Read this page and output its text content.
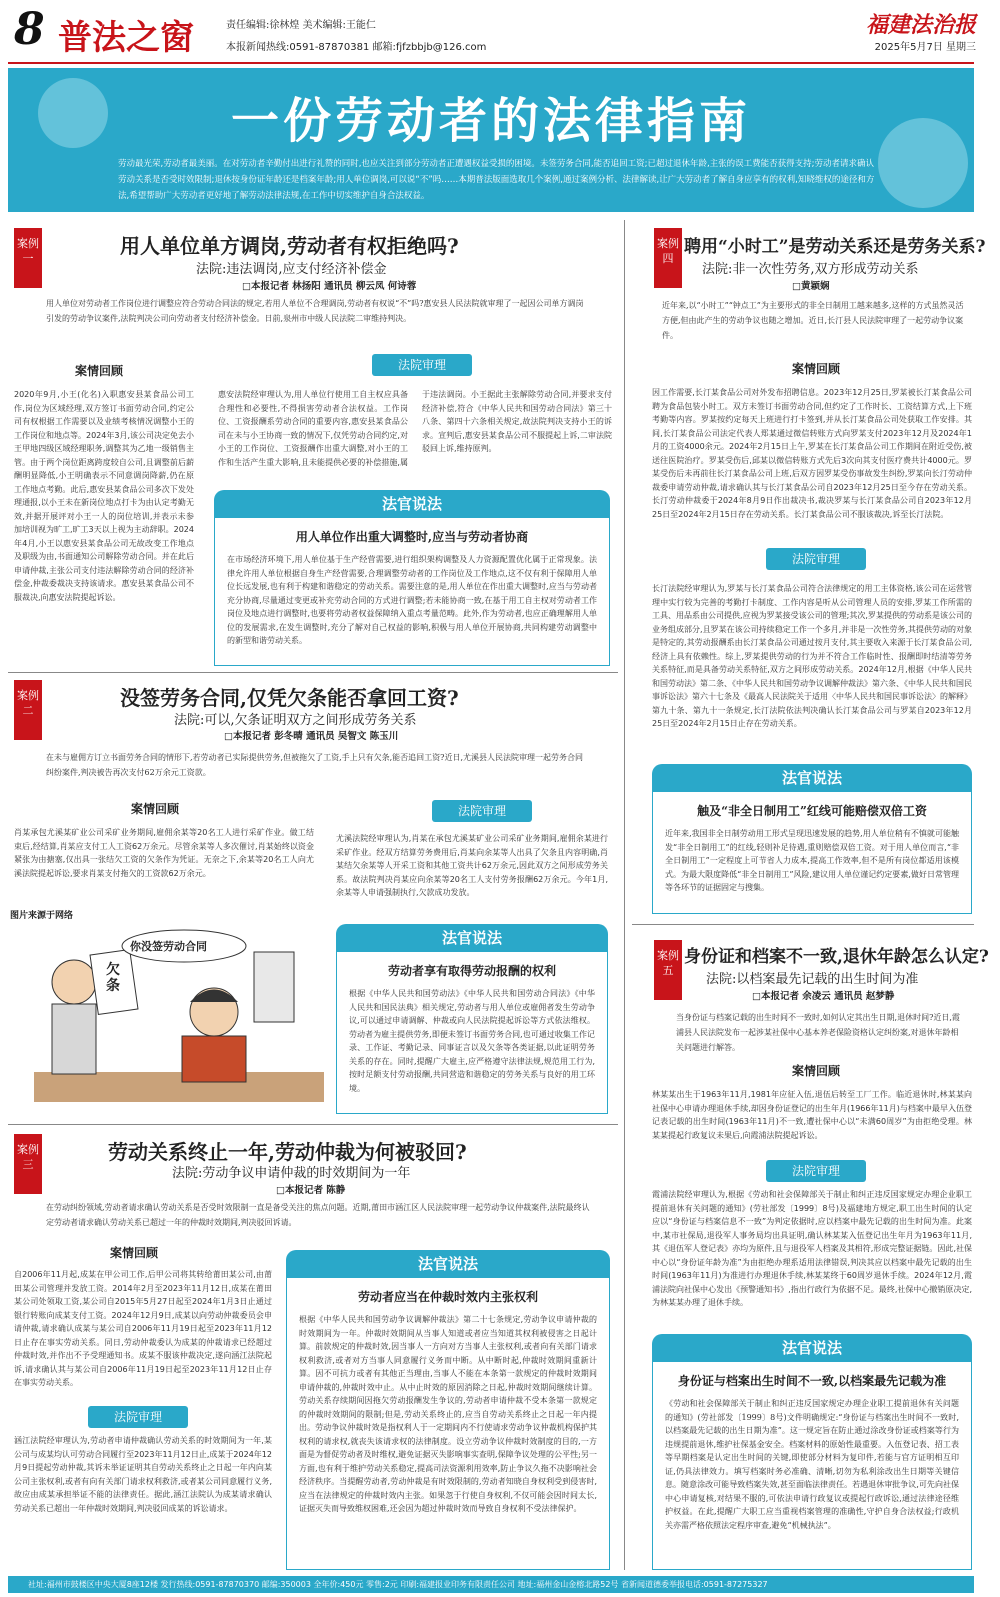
8 普法之窗	责任编辑:徐林煌 美术编辑:王能仁
本报新闻热线:0591-87870381 邮箱:fjfzbbjb@126.com
福建法治报
2025年5月7日 星期三
一份劳动者的法律指南
劳动最光荣,劳动者最美丽。在对劳动者辛勤付出进行礼赞的同时,也应关注到部分劳动者正遭遇权益受损的困境。未签劳务合同,能否追回工资;已超过退休年龄,主张的误工费能否获得支持;劳动者请求确认劳动关系是否受时效限制;退休按身份证年龄还是档案年龄;用人单位调岗,可以说“不”吗……本期普法版面选取几个案例,通过案例分析、法律解读,让广大劳动者了解自身应享有的权利,知晓维权的途径和方法,希望帮助广大劳动者更好地了解劳动法律法规,在工作中切实维护自身合法权益。
案例一
用人单位单方调岗,劳动者有权拒绝吗?
法院:违法调岗,应支付经济补偿金
□本报记者 林扬阳 通讯员 柳云凤 何诗蓉
用人单位对劳动者工作岗位进行调整应符合劳动合同法的规定,若用人单位不合理调岗,劳动者有权说“不”吗?惠安县人民法院就审理了一起因公司单方调岗引发的劳动争议案件,法院判决公司向劳动者支付经济补偿金。日前,泉州市中级人民法院二审维持判决。
案情回顾
2020年9月,小王(化名)入职惠安县某食品公司工作,岗位为区域经理,双方签订书面劳动合同,约定公司有权根据工作需要以及业绩考核情况调整小王的工作岗位和地点等。2024年3月,该公司决定免去小王甲地四级区域经理职务,调整其为乙地一级销售主管。由于两个岗位距离跨度较自公司,且调整前后薪酬明显降低,小王明确表示不同意调岗降薪,仍在原工作地点考勤。此后,惠安县某食品公司多次下发处理通报,以小王未在新岗位地点打卡为由认定考勤无效,并据开展评对小王一人的岗位培训,并表示未参加培训视为旷工,旷工3天以上视为主动辞职。2024年4月,小王以惠安县某食品公司无故改变工作地点及职级为由,书面通知公司解除劳动合同。并在此后申请仲裁,主张公司支付违法解除劳动合同的经济补偿金,仲裁委裁决支持该请求。惠安县某食品公司不服裁决,向惠安法院提起诉讼。
法院审理
惠安法院经审理认为,用人单位行使用工自主权应具备合理性和必要性,不得损害劳动者合法权益。工作岗位、工资报酬系劳动合同的重要内容,惠安县某食品公司在未与小王协商一致的情况下,仅凭劳动合同约定,对小王的工作岗位、工资报酬作出重大调整,对小王的工作和生活产生重大影响,且未能提供必要的补偿措施,属于违法调岗。小王据此主张解除劳动合同,并要求支付经济补偿,符合《中华人民共和国劳动合同法》第三十八条、第四十六条相关规定,故法院判决支持小王的诉求。宣判后,惠安县某食品公司不服提起上诉,二审法院驳回上诉,维持原判。
法官说法
用人单位作出重大调整时,应当与劳动者协商
在市场经济环境下,用人单位基于生产经营需要,进行组织架构调整及人力资源配置优化属于正常现象。法律允许用人单位根据自身生产经营需要,合理调整劳动者的工作岗位及工作地点,这不仅有利于保障用人单位长远发展,也有利于构建和谐稳定的劳动关系。需要注意的是,用人单位在作出重大调整时,应当与劳动者充分协商,尽量通过变更或补充劳动合同的方式进行调整;若未能协商一致,在基于用工自主权对劳动者工作岗位及地点进行调整时,也要将劳动者权益保障纳入重点考量范畴。此外,作为劳动者,也应正确理解用人单位的发展需求,在发生调整时,充分了解对自己权益的影响,积极与用人单位开展协商,共同构建劳动调整中的新型和谐劳动关系。
案例二
没签劳务合同,仅凭欠条能否拿回工资?
法院:可以,欠条证明双方之间形成劳务关系
□本报记者 彭冬晴 通讯员 吴智文 陈玉川
在未与雇佣方订立书面劳务合同的情形下,若劳动者已实际提供劳务,但被拖欠了工资,手上只有欠条,能否追回工资?近日,尤溪县人民法院审理一起劳务合同纠纷案件,判决被告再次支付62万余元工资款。
案情回顾
肖某承包尤溪某矿业公司采矿业务期间,雇佣余某等20名工人进行采矿作业。做工结束后,经结算,肖某应支付工人工资62万余元。尽管余某等人多次催讨,肖某始终以资金紧张为由搪塞,仅出具一张结欠工资的欠条作为凭证。无奈之下,余某等20名工人向尤溪法院提起诉讼,要求肖某支付拖欠的工资款62万余元。
法院审理
尤溪法院经审理认为,肖某在承包尤溪某矿业公司采矿业务期间,雇佣余某进行采矿作业。经双方结算劳务费用后,肖某向余某等人出具了欠条且内容明确,肖某结欠余某等人开采工资和其他工资共计62万余元,因此双方之间形成劳务关系。故法院判决肖某应向余某等20名工人支付劳务报酬62万余元。今年1月,余某等人申请强制执行,欠款成功发放。
图片来源于网络
你没签劳动合同
欠条
法官说法
劳动者享有取得劳动报酬的权利
根据《中华人民共和国劳动法》《中华人民共和国劳动合同法》《中华人民共和国民法典》相关规定,劳动者与用人单位或雇佣者发生劳动争议,可以通过申请调解、仲裁或向人民法院提起诉讼等方式依法维权。劳动者为雇主提供劳务,即便未签订书面劳务合同,也可通过收集工作记录、工作证、考勤记录、同事证言以及欠条等各类证据,以此证明劳务关系的存在。同时,提醒广大雇主,应严格遵守法律法规,规范用工行为,按时足额支付劳动报酬,共同营造和谐稳定的劳务关系与良好的用工环境。
案例三
劳动关系终止一年,劳动仲裁为何被驳回?
法院:劳动争议申请仲裁的时效期间为一年
□本报记者 陈静
在劳动纠纷领域,劳动者请求确认劳动关系是否受时效限制一直是备受关注的焦点问题。近期,莆田市涵江区人民法院审理一起劳动争议仲裁案件,法院最终认定劳动者请求确认劳动关系已超过一年的仲裁时效期间,判决驳回诉请。
案情回顾
自2006年11月起,成某在甲公司工作,后甲公司将其转给莆田某公司,由莆田某公司管理并发放工资。2014年2月至2023年11月12日,成某在莆田某公司处领取工资,某公司自2015年5月27日起至2024年1月3日止通过银行转账向成某支付工资。2024年12月9日,成某以向劳动仲裁委员会申请仲裁,请求确认成某与某公司自2006年11月19日起至2023年11月12日止存在事实劳动关系。同日,劳动仲裁委认为成某的仲裁请求已经超过仲裁时效,并作出不予受理通知书。成某不服该仲裁决定,遂向涵江法院起诉,请求确认其与某公司自2006年11月19日起至2023年11月12日止存在事实劳动关系。
法院审理
涵江法院经审理认为,劳动者申请仲裁确认劳动关系的时效期间为一年,某公司与成某均认可劳动合同履行至2023年11月12日止,成某于2024年12月9日提起劳动仲裁,其诉未举证证明其自劳动关系终止之日起一年内向某公司主张权利,或者有向有关部门请求权利救济,或者某公司同意履行义务,故应由成某承担举证不能的法律责任。据此,涵江法院认为成某请求确认劳动关系已超出一年仲裁时效期间,判决驳回成某的诉讼请求。
法官说法
劳动者应当在仲裁时效内主张权利
根据《中华人民共和国劳动争议调解仲裁法》第二十七条规定,劳动争议申请仲裁的时效期间为一年。仲裁时效期间从当事人知道或者应当知道其权利被侵害之日起计算。前款规定的仲裁时效,因当事人一方向对方当事人主张权利,或者向有关部门请求权利救济,或者对方当事人同意履行义务而中断。从中断时起,仲裁时效期间重新计算。因不可抗力或者有其他正当理由,当事人不能在本条第一款规定的仲裁时效期间申请仲裁的,仲裁时效中止。从中止时效的原因消除之日起,仲裁时效期间继续计算。劳动关系存续期间因拖欠劳动报酬发生争议的,劳动者申请仲裁不受本条第一款规定的仲裁时效期间的限制;但是,劳动关系终止的,应当自劳动关系终止之日起一年内提出。劳动争议仲裁时效是指权利人于一定期间内不行使请求劳动争议仲裁机构保护其权利的请求权,就丧失该请求权的法律制度。设立劳动争议仲裁时效制度的目的,一方面是为督促劳动者及时维权,避免证据灭失影响事实查明,保障争议处理的公平性;另一方面,也有利于维护劳动关系稳定,提高司法资源利用效率,防止争议久拖不决影响社会经济秩序。当提醒劳动者,劳动仲裁是有时效限制的,劳动者知晓自身权利受到侵害时,应当在法律规定的仲裁时效内主张。如果忽于行使自身权利,不仅可能会因时间太长,证据灭失而导致维权困难,还会因为超过仲裁时效而导致自身权利不受法律保护。
案例四
聘用“小时工”是劳动关系还是劳务关系?
法院:非一次性劳务,双方形成劳动关系
□黄颖娴
近年来,以“小时工”“钟点工”为主要形式的非全日制用工越来越多,这样的方式虽然灵活方便,但由此产生的劳动争议也随之增加。近日,长汀县人民法院审理了一起劳动争议案件。
案情回顾
因工作需要,长汀某食品公司对外发布招聘信息。2023年12月25日,罗某被长汀某食品公司聘为食品包装小时工。双方未签订书面劳动合同,但约定了工作时长、工资结算方式,上下班考勤等内容。罗某按约定每天上班进行打卡签到,并从长汀某食品公司处获取工作安排。其间,长汀某食品公司法定代表人郑某通过微信转账方式向罗某支付2023年12月及2024年1月的工资4000余元。2024年2月15日上午,罗某在长汀某食品公司工作期间在附近受伤,被送往医院治疗。罗某受伤后,邱某以微信转账方式先后3次向其支付医疗费共计4000元。罗某受伤后未再前往长汀某食品公司上班,后双方因罗某受伤事故发生纠纷,罗某向长汀劳动仲裁委申请劳动仲裁,请求确认其与长汀某食品公司自2023年12月25日至今存在劳动关系。长汀劳动仲裁委于2024年8月9日作出裁决书,裁决罗某与长汀某食品公司自2023年12月25日至2024年2月15日存在劳动关系。长汀某食品公司不服该裁决,诉至长汀法院。
法院审理
长汀法院经审理认为,罗某与长汀某食品公司符合法律规定的用工主体资格,该公司在运营管理中实行较为完善的考勤打卡制度、工作内容是听从公司管理人员的安排,罗某工作所需的工具、用品系由公司提供,应视为罗某接受该公司的管理;其次,罗某提供的劳动系是该公司的业务组成部分,且罗某在该公司持续稳定工作一个多月,并非是一次性劳务,其提供劳动的对象是特定的,其劳动报酬系由长汀某食品公司通过按月支付,其主要收入来源于长汀某食品公司,经济上具有依赖性。综上,罗某提供劳动的行为并不符合工作临时性、报酬即时结清等劳务关系特征,而是具备劳动关系特征,双方之间形成劳动关系。2024年12月,根据《中华人民共和国劳动法》第二条、《中华人民共和国劳动争议调解仲裁法》第六条、《中华人民共和国民事诉讼法》第六十七条及《最高人民法院关于适用〈中华人民共和国民事诉讼法〉的解释》第九十条、第九十一条规定,长汀法院依法判决确认长汀某食品公司与罗某自2023年12月25日至2024年2月15日止存在劳动关系。
法官说法
触及“非全日制用工”红线可能赔偿双倍工资
近年来,我国非全日制劳动用工形式呈现迅速发展的趋势,用人单位稍有不慎就可能触发“非全日制用工”的红线,轻则补足待遇,重则赔偿双倍工资。对于用人单位而言,“非全日制用工”一定程度上可节省人力成本,提高工作效率,但不是所有岗位都适用该模式。为最大限度降低“非全日制用工”风险,建议用人单位谨记约定要素,做好日常管理等各环节的证据固定与搜集。
案例五
身份证和档案不一致,退休年龄怎么认定?
法院:以档案最先记载的出生时间为准
□本报记者 余凌云 通讯员 赵梦静
当身份证与档案记载的出生时间不一致时,如何认定其出生日期,退休时间?近日,霞浦县人民法院发布一起涉某社保中心基本养老保险资格认定纠纷案,对退休年龄相关问题进行解答。
案情回顾
林某某出生于1963年11月,1981年应征入伍,退伍后转至工厂工作。临近退休时,林某某向社保中心申请办理退休手续,却因身份证登记的出生年月(1966年11月)与档案中最早入伍登记表记载的出生时间(1963年11月)不一致,遭社保中心以“未满60周岁”为由拒绝受理。林某某提起行政复议未果后,向霞浦法院提起诉讼。
法院审理
霞浦法院经审理认为,根据《劳动和社会保障部关于制止和纠正违反国家规定办理企业职工提前退休有关问题的通知》(劳社部发〔1999〕8号)及福建地方规定,职工出生时间的认定应以“身份证与档案信息不一致”为判定依据时,应以档案中最先记载的出生时间为准。此案中,某市社保局,退役军人事务局均出具证明,确认林某某入伍登记出生年月为1963年11月,其《退伍军人登记表》亦均为原件,且与退役军人档案及其相符,形成完整证据链。因此,社保中心以“身份证年龄为准”为由拒绝办理系适用法律错误,判决其应以档案中最先记载的出生时间(1963年11月)为准进行办理退休手续,林某某终于60周岁退休手续。2024年12月,霞浦法院向社保中心发出《预警通知书》,指出行政行为依据不足。最终,社保中心撤销原决定,为林某某办理了退休手续。
法官说法
身份证与档案出生时间不一致,以档案最先记载为准
《劳动和社会保障部关于制止和纠正违反国家规定办理企业职工提前退休有关问题的通知》(劳社部发〔1999〕8号)文件明确规定:“身份证与档案出生时间不一致时,以档案最先记载的出生日期为准”。这一规定旨在防止通过涂改身份证或档案等行为违规提前退休,维护社保基金安全。档案材料的原始性最重要。入伍登记表、招工表等早期档案是认定出生时间的关键,即使部分材料为复印件,若能与官方证明相互印证,仍具法律效力。填写档案时务必准确、清晰,切勿为私利涂改出生日期等关键信息。随意涂改可能导致档案失效,甚至面临法律责任。若遇退休审批争议,可先向社保中心申请复核,对结果不服的,可依法申请行政复议或提起行政诉讼,通过法律途径维护权益。在此,提醒广大职工应当重视档案管理的准确性,守护自身合法权益;行政机关亦需严格依照法定程序审查,避免“机械执法”。
社址:福州市鼓楼区中央大厦8座12楼 发行热线:0591-87870370 邮编:350003 全年价:450元 零售:2元 印刷:福建报业印务有限责任公司 地址:福州金山金榕北路52号 省新闻道德委举报电话:0591-87275327
